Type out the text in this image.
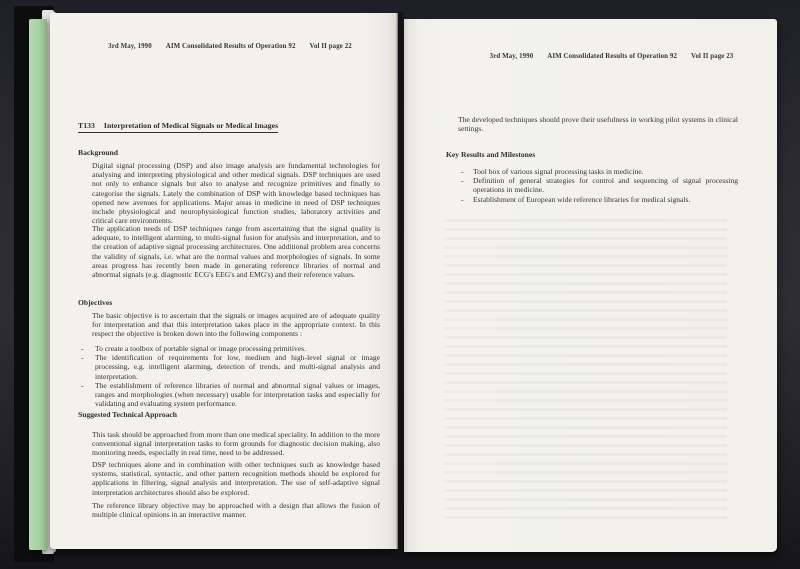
3rd May, 1990 AIM Consolidated Results of Operation 92 Vol II page 22
T133 Interpretation of Medical Signals or Medical Images
Background
Digital signal processing (DSP) and also image analysis are fundamental technologies for analysing and interpreting physiological and other medical signals. DSP techniques are used not only to enhance signals but also to analyse and recognize primitives and finally to categorise the signals. Lately the combination of DSP with knowledge based techniques has opened new avenues for applications. Major areas in medicine in need of DSP techniques include physiological and neurophysiological function studies, laboratory activities and critical care environments.
The application needs of DSP techniques range from ascertaining that the signal quality is adequate, to intelligent alarming, to multi-signal fusion for analysis and interpretation, and to the creation of adaptive signal processing architectures. One additional problem area concerns the validity of signals, i.e. what are the normal values and morphologies of signals. In some areas progress has recently been made in generating reference libraries of normal and abnormal signals (e.g. diagnostic ECG's EEG's and EMG's) and their reference values.
Objectives
The basic objective is to ascertain that the signals or images acquired are of adequate quality for interpretation and that this interpretation takes place in the appropriate context. In this respect the objective is broken down into the following components :
-	To create a toolbox of portable signal or image processing primitives.
-	The identification of requirements for low, medium and high-level signal or image processing, e.g. intelligent alarming, detection of trends, and multi-signal analysis and interpretation.
-	The establishment of reference libraries of normal and abnormal signal values or images, ranges and morphologies (when necessary) usable for interpretation tasks and especially for validating and evaluating system performance.
Suggested Technical Approach
This task should be approached from more than one medical speciality. In addition to the more conventional signal interpretation tasks to form grounds for diagnostic decision making, also monitoring needs, especially in real time, need to be addressed.
DSP techniques alone and in combination with other techniques such as knowledge based systems, statistical, syntactic, and other pattern recognition methods should be explored for applications in filtering, signal analysis and interpretation. The use of self-adaptive signal interpretation architectures should also be explored.
The reference library objective may be approached with a design that allows the fusion of multiple clinical opinions in an interactive manner.
3rd May, 1990 AIM Consolidated Results of Operation 92 Vol II page 23
The developed techniques should prove their usefulness in working pilot systems in clinical settings.
Key Results and Milestones
-	Tool box of various signal processing tasks in medicine.
-	Definition of general strategies for control and sequencing of signal processing operations in medicine.
-	Establishment of European wide reference libraries for medical signals.
